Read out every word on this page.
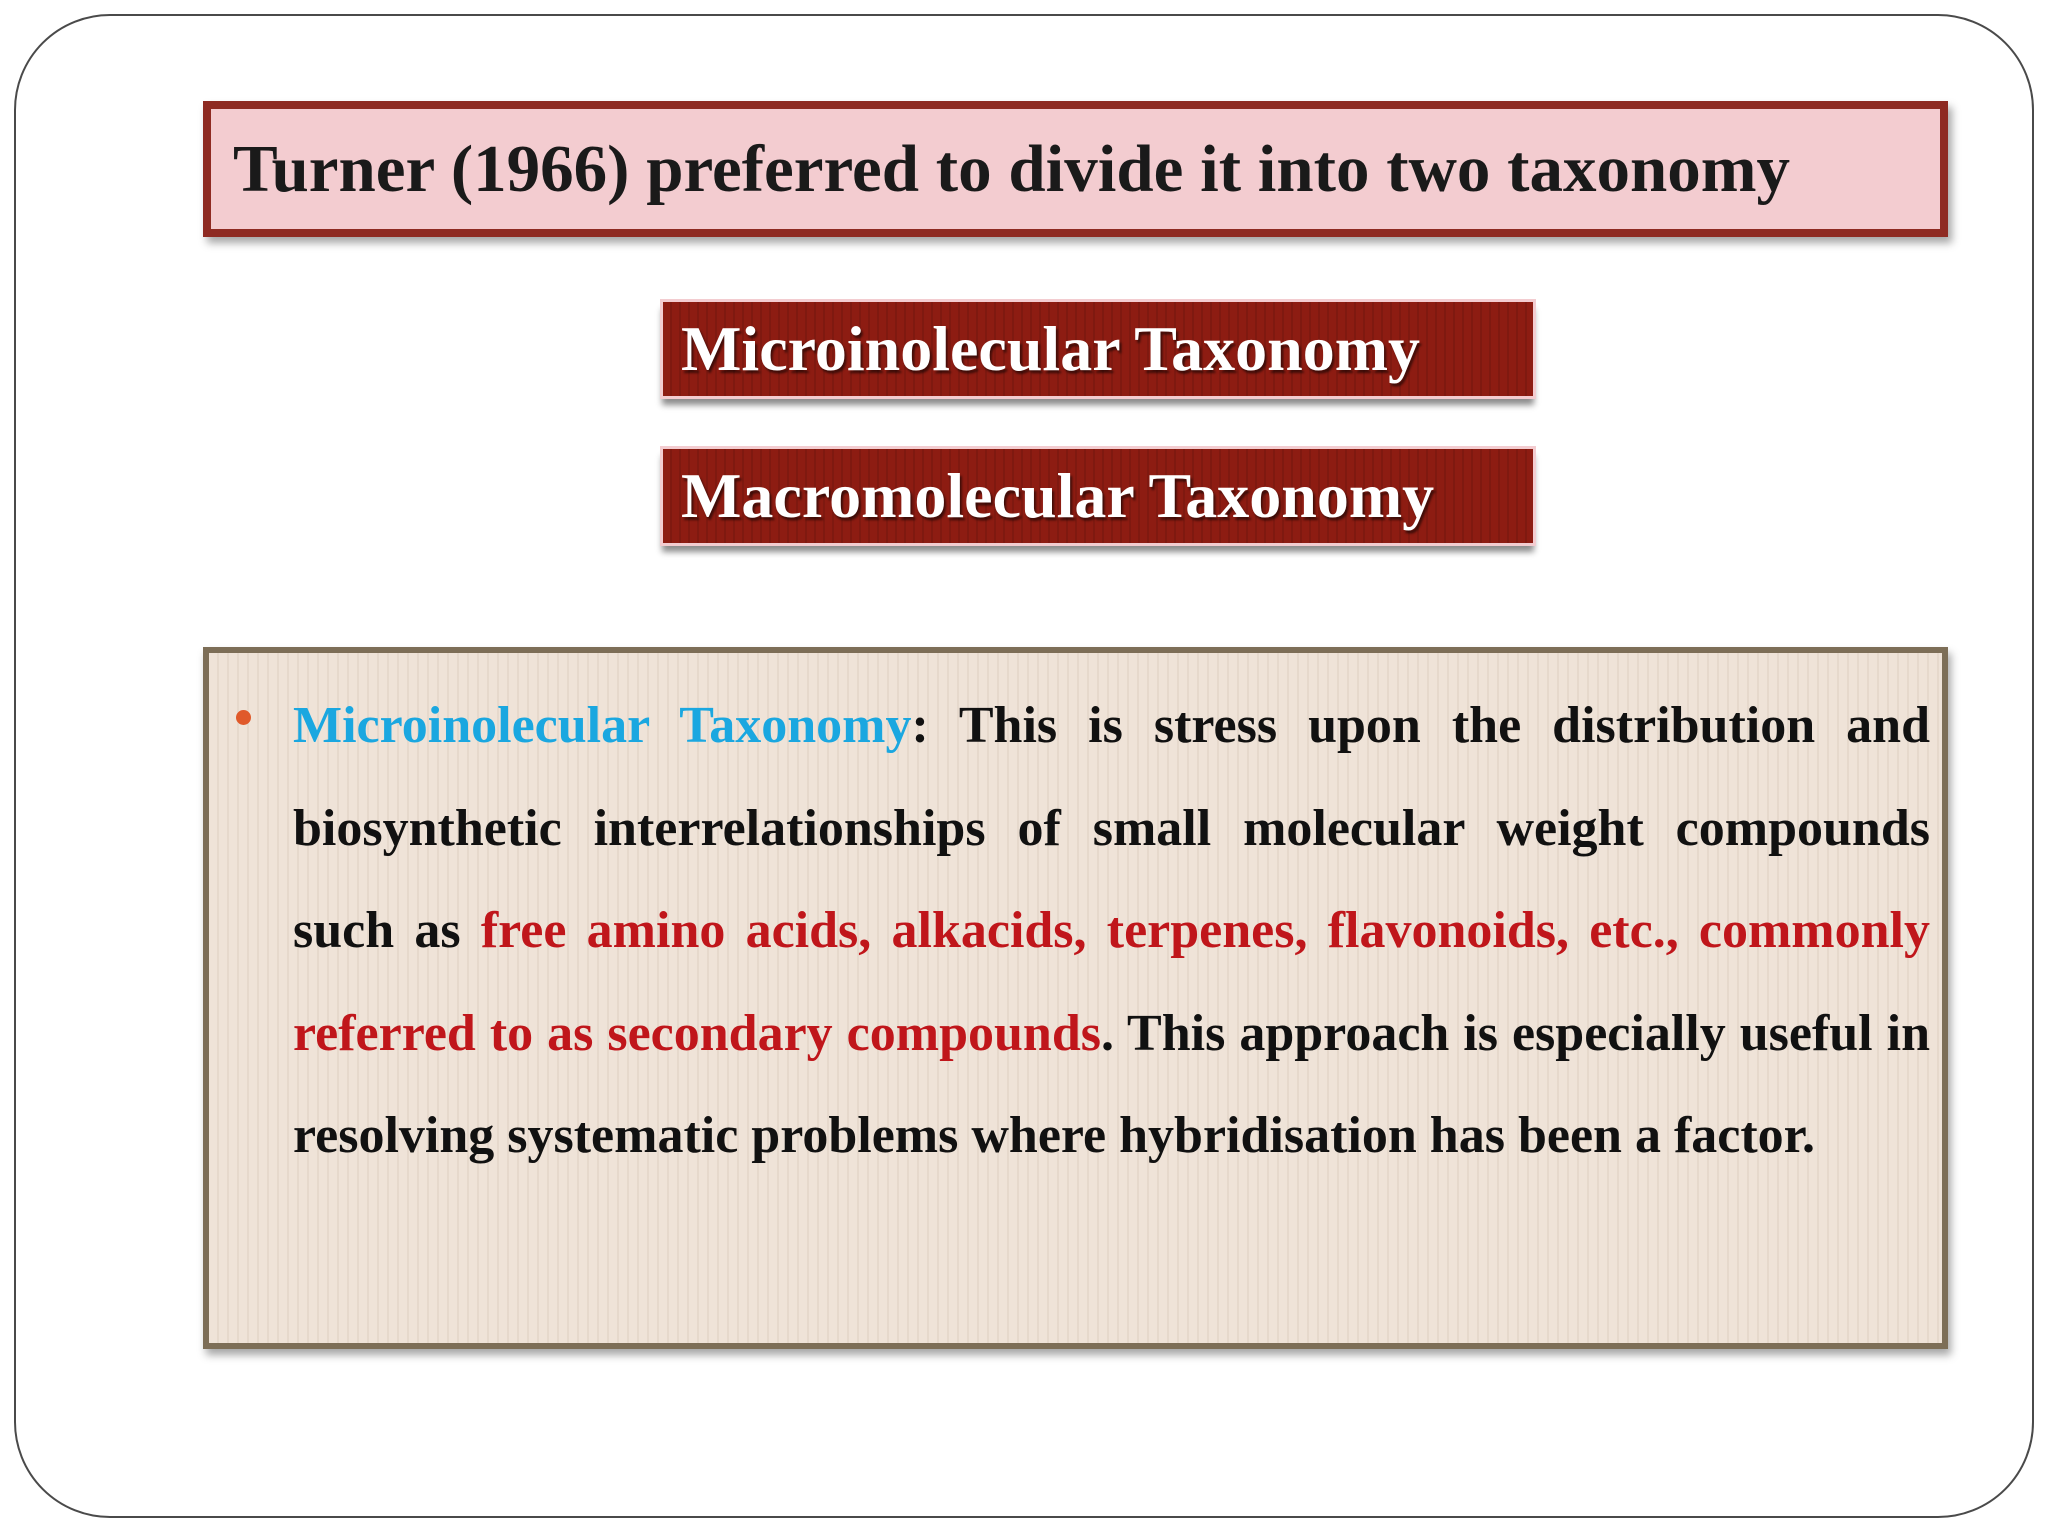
Turner (1966) preferred to divide it into two taxonomy
Microinolecular Taxonomy
Macromolecular Taxonomy

Microinolecular Taxonomy: This is stress upon the distribution and biosynthetic interrelationships of small molecular weight compounds such as free amino acids, alkacids, terpenes, flavonoids, etc., commonly referred to as secondary compounds. This approach is especially useful in resolving systematic problems where hybridisation has been a factor.
